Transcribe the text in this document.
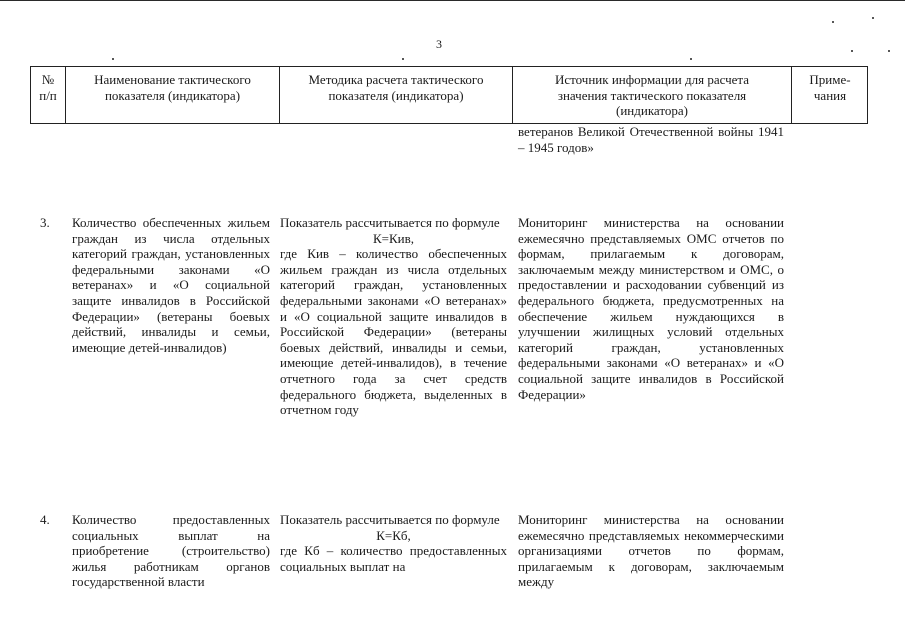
3
№
п/п
Наименование тактического показателя (индикатора)
Методика расчета тактического показателя (индикатора)
Источник информации для расчета значения тактического показателя (индикатора)
Приме-
чания
ветеранов Великой Отечественной войны 1941 – 1945 годов»
3. Количество обеспеченных жильем граждан из числа отдельных категорий граждан, установленных федеральными законами «О ветеранах» и «О социальной защите инвалидов в Российской Федерации» (ветераны боевых действий, инвалиды и семьи, имеющие детей-инвалидов)
Показатель рассчитывается по формуле
К=Кив,
где Кив – количество обеспеченных жильем граждан из числа отдельных категорий граждан, установленных федеральными законами «О ветеранах» и «О социальной защите инвалидов в Российской Федерации» (ветераны боевых действий, инвалиды и семьи, имеющие детей-инвалидов), в течение отчетного года за счет средств федерального бюджета, выделенных в отчетном году
Мониторинг министерства на основании ежемесячно представляемых ОМС отчетов по формам, прилагаемым к договорам, заключаемым между министерством и ОМС, о предоставлении и расходовании субвенций из федерального бюджета, предусмотренных на обеспечение жильем нуждающихся в улучшении жилищных условий отдельных категорий граждан, установленных федеральными законами «О ветеранах» и «О социальной защите инвалидов в Российской Федерации»
4. Количество предоставленных социальных выплат на приобретение (строительство) жилья работникам органов государственной власти
Показатель рассчитывается по формуле
К=Кб,
где Кб – количество предоставленных социальных выплат на
Мониторинг министерства на основании ежемесячно представляемых некоммерческими организациями отчетов по формам, прилагаемым к договорам, заключаемым между
